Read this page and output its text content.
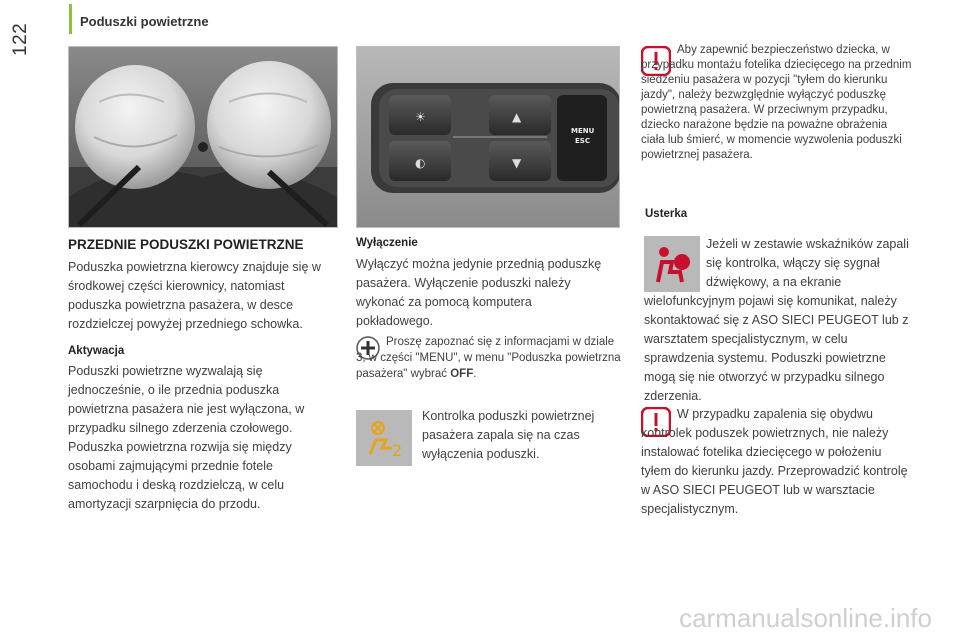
122
Poduszki powietrzne
PRZEDNIE PODUSZKI POWIETRZNE
Poduszka powietrzna kierowcy znajduje się w środkowej części kierownicy, natomiast poduszka powietrzna pasażera, w desce rozdzielczej powyżej przedniego schowka.
Aktywacja
Poduszki powietrzne wyzwalają się jednocześnie, o ile przednia poduszka powietrzna pasażera nie jest wyłączona, w przypadku silnego zderzenia czołowego. Poduszka powietrzna rozwija się między osobami zajmującymi przednie fotele samochodu i deską rozdzielczą, w celu amortyzacji szarpnięcia do przodu.
☀
◐
▲
▼
MENU
ESC
Wyłączenie
Wyłączyć można jedynie przednią poduszkę pasażera. Wyłączenie poduszki należy wykonać za pomocą komputera pokładowego.
Proszę zapoznać się z informacjami w dziale 3, w części "MENU", w menu "Poduszka powietrzna pasażera" wybrać OFF.
2
Kontrolka poduszki powietrznej pasażera zapala się na czas wyłączenia poduszki.
Aby zapewnić bezpieczeństwo dziecka, w przypadku montażu fotelika dziecięcego na przednim siedzeniu pasażera w pozycji "tyłem do kierunku jazdy", należy bezwzględnie wyłączyć poduszkę powietrzną pasażera. W przeciwnym przypadku, dziecko narażone będzie na poważne obrażenia ciała lub śmierć, w momencie wyzwolenia poduszki powietrznej pasażera.
Usterka
Jeżeli w zestawie wskaźników zapali się kontrolka, włączy się sygnał dźwiękowy, a na ekranie wielofunkcyjnym pojawi się komunikat, należy skontaktować się z ASO SIECI PEUGEOT lub z warsztatem specjalistycznym, w celu sprawdzenia systemu. Poduszki powietrzne mogą się nie otworzyć w przypadku silnego zderzenia.
W przypadku zapalenia się obydwu kontrolek poduszek powietrznych, nie należy instalować fotelika dziecięcego w położeniu tyłem do kierunku jazdy. Przeprowadzić kontrolę w ASO SIECI PEUGEOT lub w warsztacie specjalistycznym.
carmanualsonline.info
